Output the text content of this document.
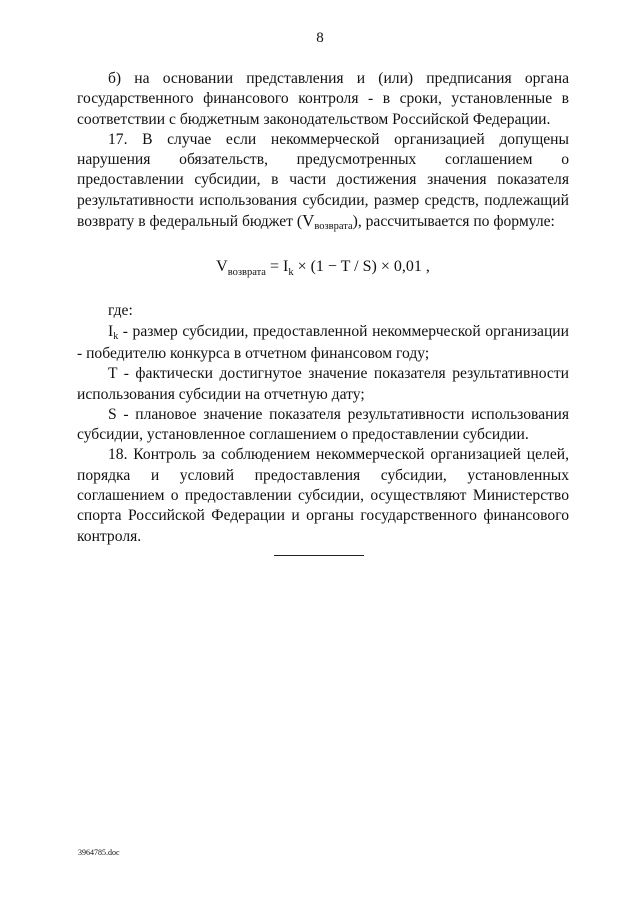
8

б) на основании представления и (или) предписания органа государственного финансового контроля - в сроки, установленные в соответствии с бюджетным законодательством Российской Федерации.

17. В случае если некоммерческой организацией допущены нарушения обязательств, предусмотренных соглашением о предоставлении субсидии, в части достижения значения показателя результативности использования субсидии, размер средств, подлежащий возврату в федеральный бюджет (Vвозврата), рассчитывается по формуле:

$V_{возврата} = I_k \times (1 - T / S) \times 0,01$ ,

где:

Ik - размер субсидии, предоставленной некоммерческой организации - победителю конкурса в отчетном финансовом году;

T - фактически достигнутое значение показателя результативности использования субсидии на отчетную дату;

S - плановое значение показателя результативности использования субсидии, установленное соглашением о предоставлении субсидии.

18. Контроль за соблюдением некоммерческой организацией целей, порядка и условий предоставления субсидии, установленных соглашением о предоставлении субсидии, осуществляют Министерство спорта Российской Федерации и органы государственного финансового контроля.

3964785.doc
